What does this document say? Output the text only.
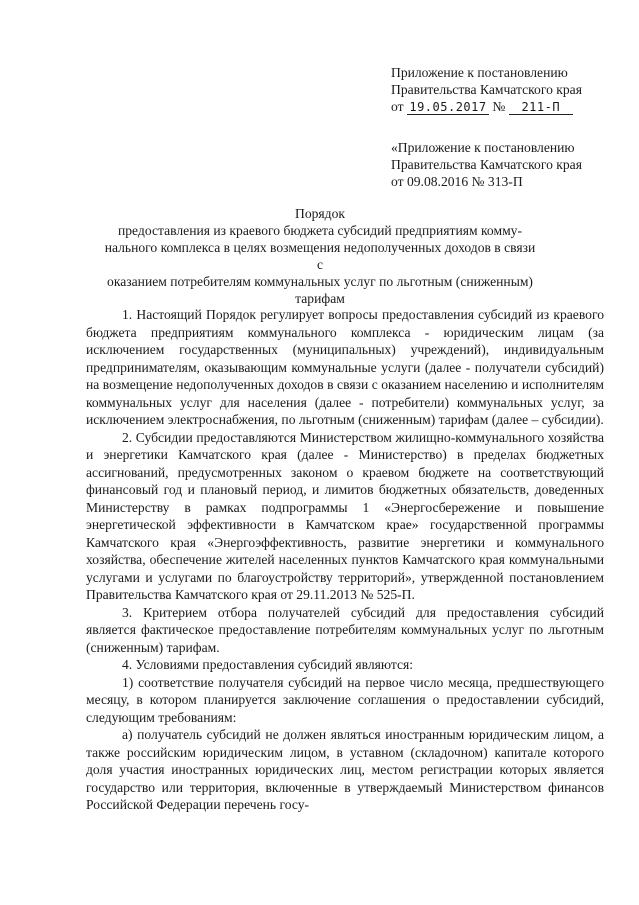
Приложение к постановлению
Правительства Камчатского края
от 19.05.2017 № 211-П
«Приложение к постановлению
Правительства Камчатского края
от 09.08.2016 № 313-П
Порядок
предоставления из краевого бюджета субсидий предприятиям комму-
нального комплекса в целях возмещения недополученных доходов в связи с
оказанием потребителям коммунальных услуг по льготным (сниженным)
тарифам

1. Настоящий Порядок регулирует вопросы предоставления субсидий из краевого бюджета предприятиям коммунального комплекса - юридическим лицам (за исключением государственных (муниципальных) учреждений), индивидуальным предпринимателям, оказывающим коммунальные услуги (далее - получатели субсидий) на возмещение недополученных доходов в связи с оказанием населению и исполнителям коммунальных услуг для населения (далее - потребители) коммунальных услуг, за исключением электроснабжения, по льготным (сниженным) тарифам (далее – субсидии).

2. Субсидии предоставляются Министерством жилищно-коммунального хозяйства и энергетики Камчатского края (далее - Министерство) в пределах бюджетных ассигнований, предусмотренных законом о краевом бюджете на соответствующий финансовый год и плановый период, и лимитов бюджетных обязательств, доведенных Министерству в рамках подпрограммы 1 «Энергосбережение и повышение энергетической эффективности в Камчатском крае» государственной программы Камчатского края «Энергоэффективность, развитие энергетики и коммунального хозяйства, обеспечение жителей населенных пунктов Камчатского края коммунальными услугами и услугами по благоустройству территорий», утвержденной постановлением Правительства Камчатского края от 29.11.2013 № 525-П.

3. Критерием отбора получателей субсидий для предоставления субсидий является фактическое предоставление потребителям коммунальных услуг по льготным (сниженным) тарифам.

4. Условиями предоставления субсидий являются:

1) соответствие получателя субсидий на первое число месяца, предшествующего месяцу, в котором планируется заключение соглашения о предоставлении субсидий, следующим требованиям:

а) получатель субсидий не должен являться иностранным юридическим лицом, а также российским юридическим лицом, в уставном (складочном) капитале которого доля участия иностранных юридических лиц, местом регистрации которых является государство или территория, включенные в утверждаемый Министерством финансов Российской Федерации перечень госу-
